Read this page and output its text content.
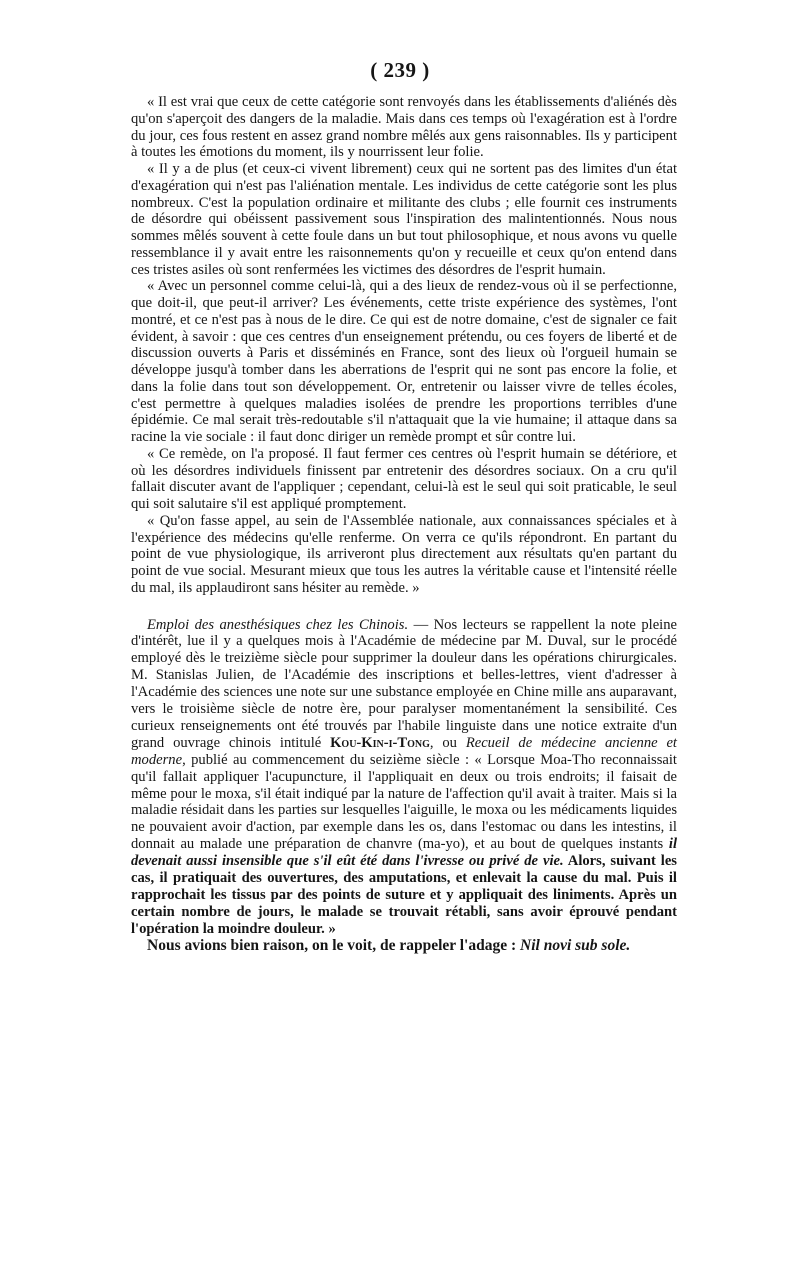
( 239 )

« Il est vrai que ceux de cette catégorie sont renvoyés dans les établissements d'aliénés dès qu'on s'aperçoit des dangers de la maladie. Mais dans ces temps où l'exagération est à l'ordre du jour, ces fous restent en assez grand nombre mêlés aux gens raisonnables. Ils y participent à toutes les émotions du moment, ils y nourrissent leur folie.

« Il y a de plus (et ceux-ci vivent librement) ceux qui ne sortent pas des limites d'un état d'exagération qui n'est pas l'aliénation mentale. Les individus de cette catégorie sont les plus nombreux. C'est la population ordinaire et militante des clubs ; elle fournit ces instruments de désordre qui obéissent passivement sous l'inspiration des malintentionnés. Nous nous sommes mêlés souvent à cette foule dans un but tout philosophique, et nous avons vu quelle ressemblance il y avait entre les raisonnements qu'on y recueille et ceux qu'on entend dans ces tristes asiles où sont renfermées les victimes des désordres de l'esprit humain.

« Avec un personnel comme celui-là, qui a des lieux de rendez-vous où il se perfectionne, que doit-il, que peut-il arriver? Les événements, cette triste expérience des systèmes, l'ont montré, et ce n'est pas à nous de le dire. Ce qui est de notre domaine, c'est de signaler ce fait évident, à savoir : que ces centres d'un enseignement prétendu, ou ces foyers de liberté et de discussion ouverts à Paris et disséminés en France, sont des lieux où l'orgueil humain se développe jusqu'à tomber dans les aberrations de l'esprit qui ne sont pas encore la folie, et dans la folie dans tout son développement. Or, entretenir ou laisser vivre de telles écoles, c'est permettre à quelques maladies isolées de prendre les proportions terribles d'une épidémie. Ce mal serait très-redoutable s'il n'attaquait que la vie humaine; il attaque dans sa racine la vie sociale : il faut donc diriger un remède prompt et sûr contre lui.

« Ce remède, on l'a proposé. Il faut fermer ces centres où l'esprit humain se détériore, et où les désordres individuels finissent par entretenir des désordres sociaux. On a cru qu'il fallait discuter avant de l'appliquer ; cependant, celui-là est le seul qui soit praticable, le seul qui soit salutaire s'il est appliqué promptement.

« Qu'on fasse appel, au sein de l'Assemblée nationale, aux connaissances spéciales et à l'expérience des médecins qu'elle renferme. On verra ce qu'ils répondront. En partant du point de vue physiologique, ils arriveront plus directement aux résultats qu'en partant du point de vue social. Mesurant mieux que tous les autres la véritable cause et l'intensité réelle du mal, ils applaudiront sans hésiter au remède. »

Emploi des anesthésiques chez les Chinois. — Nos lecteurs se rappellent la note pleine d'intérêt, lue il y a quelques mois à l'Académie de médecine par M. Duval, sur le procédé employé dès le treizième siècle pour supprimer la douleur dans les opérations chirurgicales. M. Stanislas Julien, de l'Académie des inscriptions et belles-lettres, vient d'adresser à l'Académie des sciences une note sur une substance employée en Chine mille ans auparavant, vers le troisième siècle de notre ère, pour paralyser momentanément la sensibilité. Ces curieux renseignements ont été trouvés par l'habile linguiste dans une notice extraite d'un grand ouvrage chinois intitulé Kou-Kin-i-Tong, ou Recueil de médecine ancienne et moderne, publié au commencement du seizième siècle : « Lorsque Moa-Tho reconnaissait qu'il fallait appliquer l'acupuncture, il l'appliquait en deux ou trois endroits; il faisait de même pour le moxa, s'il était indiqué par la nature de l'affection qu'il avait à traiter. Mais si la maladie résidait dans les parties sur lesquelles l'aiguille, le moxa ou les médicaments liquides ne pouvaient avoir d'action, par exemple dans les os, dans l'estomac ou dans les intestins, il donnait au malade une préparation de chanvre (ma-yo), et au bout de quelques instants il devenait aussi insensible que s'il eût été dans l'ivresse ou privé de vie. Alors, suivant les cas, il pratiquait des ouvertures, des amputations, et enlevait la cause du mal. Puis il rapprochait les tissus par des points de suture et y appliquait des liniments. Après un certain nombre de jours, le malade se trouvait rétabli, sans avoir éprouvé pendant l'opération la moindre douleur. »

Nous avions bien raison, on le voit, de rappeler l'adage : Nil novi sub sole.
